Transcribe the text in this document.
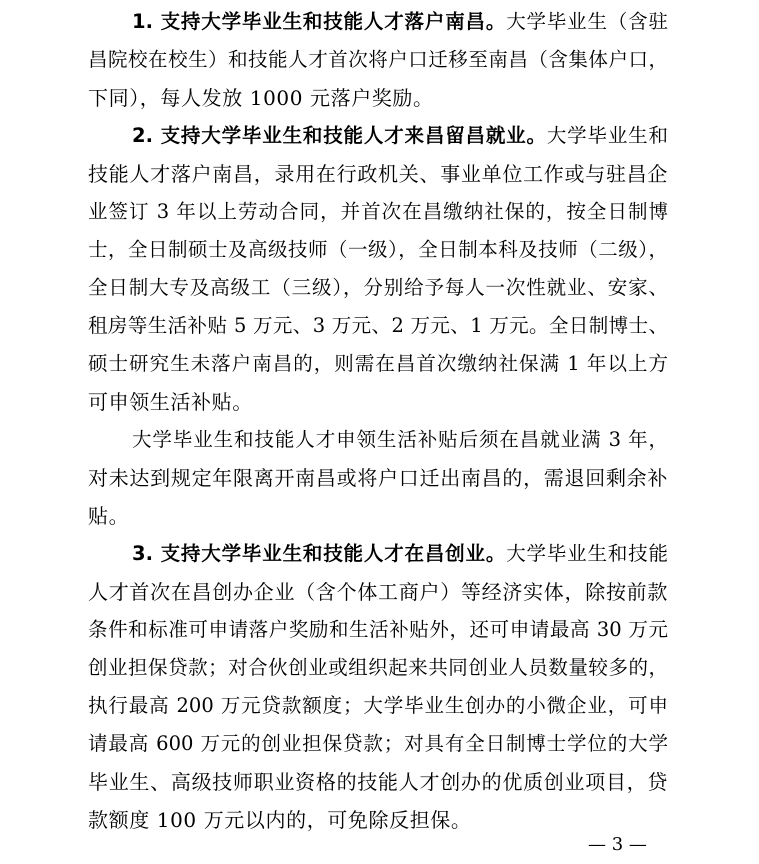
1. 支持大学毕业生和技能人才落户南昌。大学毕业生（含驻
昌院校在校生）和技能人才首次将户口迁移至南昌（含集体户口，
下同），每人发放 1000 元落户奖励。
2. 支持大学毕业生和技能人才来昌留昌就业。大学毕业生和
技能人才落户南昌，录用在行政机关、事业单位工作或与驻昌企
业签订 3 年以上劳动合同，并首次在昌缴纳社保的，按全日制博
士，全日制硕士及高级技师（一级），全日制本科及技师（二级），
全日制大专及高级工（三级），分别给予每人一次性就业、安家、
租房等生活补贴 5 万元、3 万元、2 万元、1 万元。全日制博士、
硕士研究生未落户南昌的，则需在昌首次缴纳社保满 1 年以上方
可申领生活补贴。
大学毕业生和技能人才申领生活补贴后须在昌就业满 3 年，
对未达到规定年限离开南昌或将户口迁出南昌的，需退回剩余补
贴。
3. 支持大学毕业生和技能人才在昌创业。大学毕业生和技能
人才首次在昌创办企业（含个体工商户）等经济实体，除按前款
条件和标准可申请落户奖励和生活补贴外，还可申请最高 30 万元
创业担保贷款；对合伙创业或组织起来共同创业人员数量较多的，
执行最高 200 万元贷款额度；大学毕业生创办的小微企业，可申
请最高 600 万元的创业担保贷款；对具有全日制博士学位的大学
毕业生、高级技师职业资格的技能人才创办的优质创业项目，贷
款额度 100 万元以内的，可免除反担保。
— 3 —
